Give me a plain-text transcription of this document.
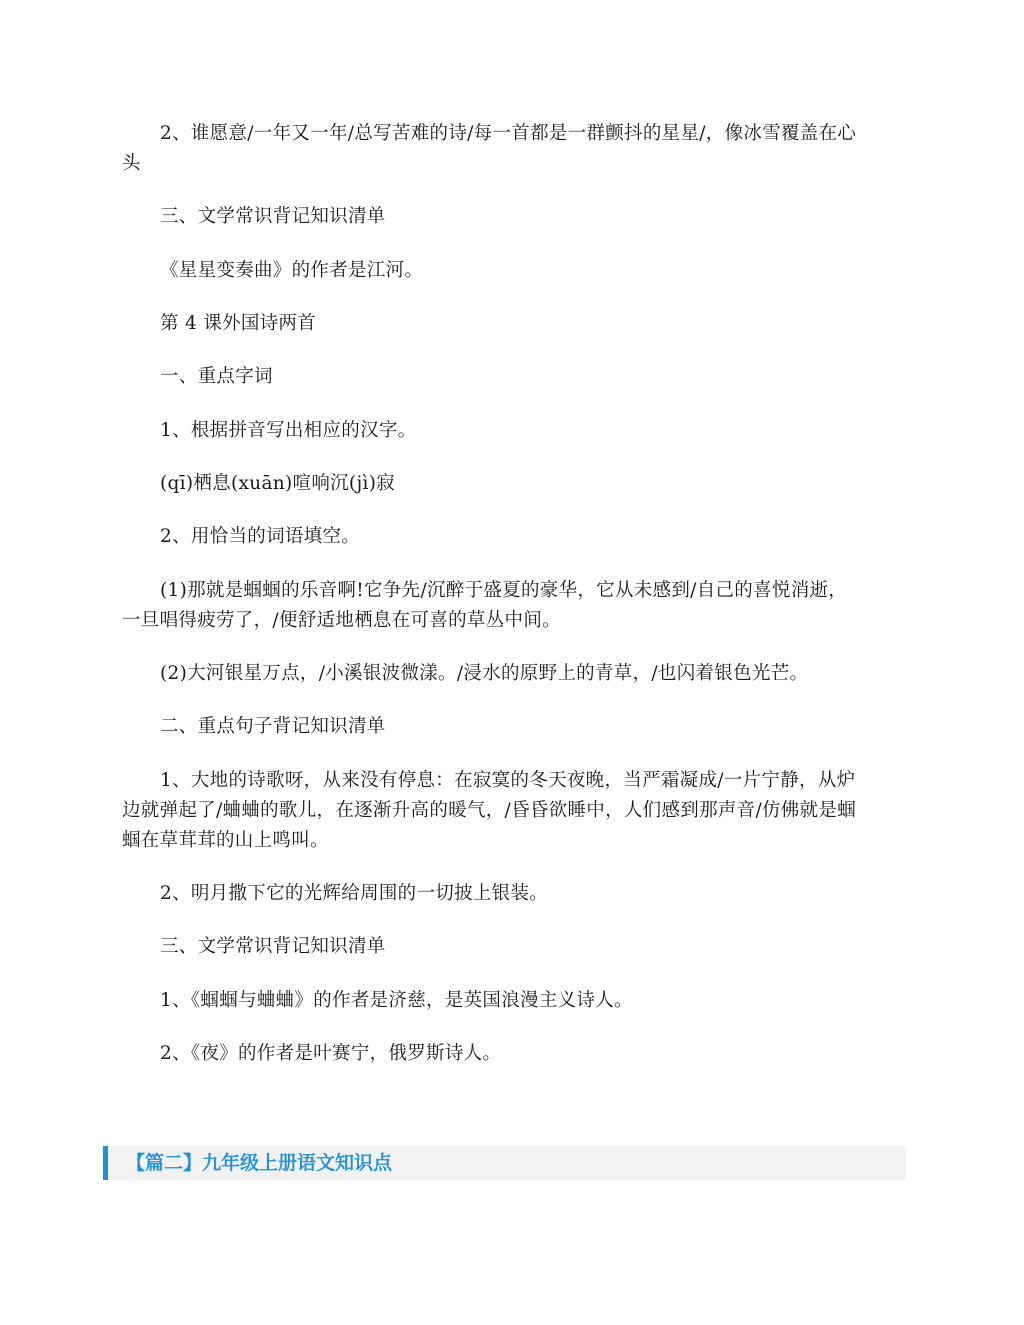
2、谁愿意/一年又一年/总写苦难的诗/每一首都是一群颤抖的星星/，像冰雪覆盖在心
头
三、文学常识背记知识清单
《星星变奏曲》的作者是江河。
第 4 课外国诗两首
一、重点字词
1、根据拼音写出相应的汉字。
(qī)栖息(xuān)喧响沉(jì)寂
2、用恰当的词语填空。
(1)那就是蝈蝈的乐音啊!它争先/沉醉于盛夏的豪华，它从未感到/自己的喜悦消逝，
一旦唱得疲劳了，/便舒适地栖息在可喜的草丛中间。
(2)大河银星万点，/小溪银波微漾。/浸水的原野上的青草，/也闪着银色光芒。
二、重点句子背记知识清单
1、大地的诗歌呀，从来没有停息：在寂寞的冬天夜晚，当严霜凝成/一片宁静，从炉
边就弹起了/蛐蛐的歌儿，在逐渐升高的暖气，/昏昏欲睡中，人们感到那声音/仿佛就是蝈
蝈在草茸茸的山上鸣叫。
2、明月撒下它的光辉给周围的一切披上银装。
三、文学常识背记知识清单
1、《蝈蝈与蛐蛐》的作者是济慈，是英国浪漫主义诗人。
2、《夜》的作者是叶赛宁，俄罗斯诗人。
【篇二】九年级上册语文知识点
